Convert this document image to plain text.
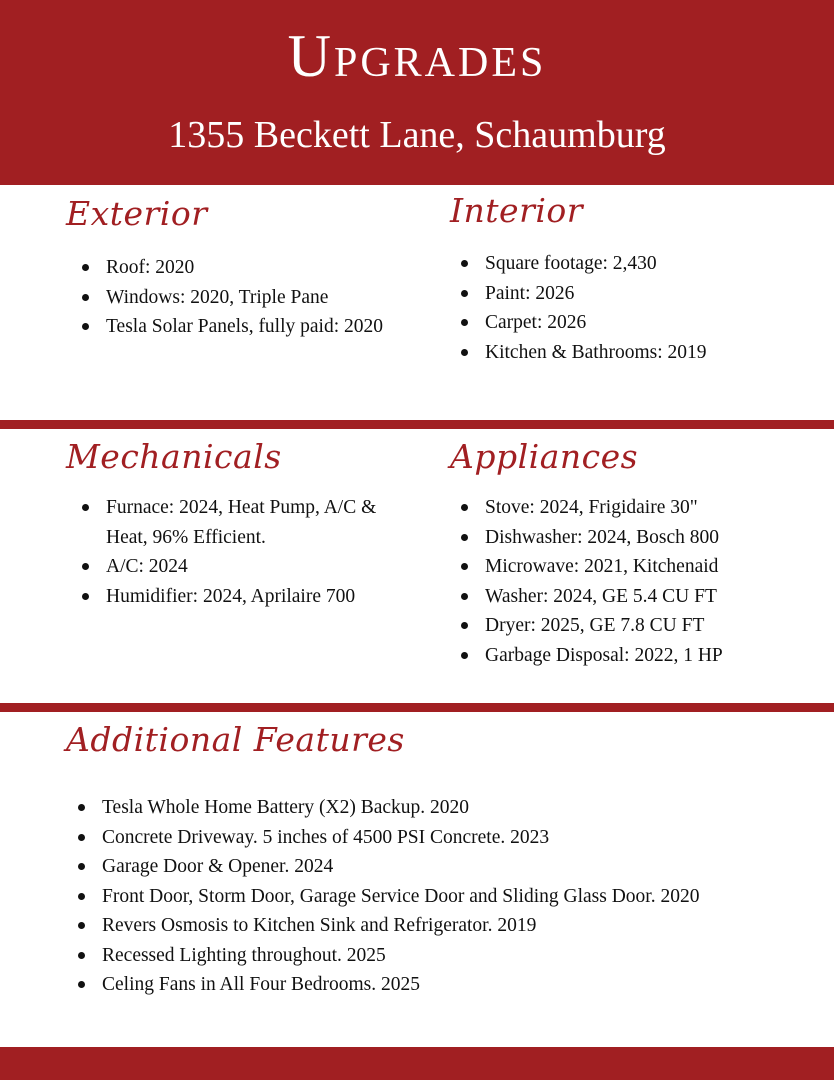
Upgrades
1355 Beckett Lane, Schaumburg
Exterior
Roof: 2020
Windows: 2020, Triple Pane
Tesla Solar Panels, fully paid: 2020
Interior
Square footage: 2,430
Paint: 2026
Carpet: 2026
Kitchen & Bathrooms: 2019
Mechanicals
Furnace: 2024, Heat Pump, A/C & Heat, 96% Efficient.
A/C: 2024
Humidifier: 2024, Aprilaire 700
Appliances
Stove: 2024, Frigidaire 30"
Dishwasher: 2024, Bosch 800
Microwave: 2021, Kitchenaid
Washer: 2024, GE 5.4 CU FT
Dryer: 2025, GE 7.8 CU FT
Garbage Disposal: 2022, 1 HP
Additional Features
Tesla Whole Home Battery (X2) Backup. 2020
Concrete Driveway. 5 inches of 4500 PSI Concrete. 2023
Garage Door & Opener. 2024
Front Door, Storm Door, Garage Service Door and Sliding Glass Door. 2020
Revers Osmosis to Kitchen Sink and Refrigerator. 2019
Recessed Lighting throughout. 2025
Celing Fans in All Four Bedrooms. 2025
